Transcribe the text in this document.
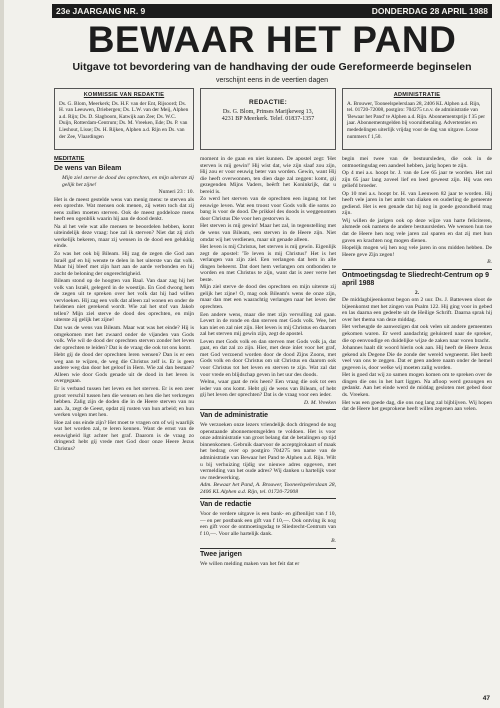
23e JAARGANG NR. 9	DONDERDAG 28 APRIL 1988
BEWAAR HET PAND
Uitgave tot bevordering van de handhaving der oude Gereformeerde beginselen
verschijnt eens in de veertien dagen
KOMMISSIE VAN REDAKTIE

Ds. G. Blom, Meerkerk; Ds. H.F. van der Ent, Rijsoord; Ds. H. van Leeuwen, Driebergen; Ds. L.W. van der Meij, Alphen a.d. Rijn; Ds. D. Slagboom, Katwijk aan Zee; Ds. W.C. Duijn, Rotterdam-Centrum; Ds. M. Vreeken, Ede; Ds. P. van Lieshout, Lisse; Ds. H. Rijken, Alphen a.d. Rijn en Ds. van der Zee, Vlaardingen

REDACTIE:

Ds. G. Blom, Prinses Marijkeweg 13,

4231 BP Meerkerk. Telef. 01837-1357

ADMINISTRATIE

A. Brouwer, Tooneelspelerslaan 28, 2406 KL Alphen a.d. Rijn, tel. 01720-72008, postgiro: 704275 t.n.v. de administratie van 'Bewaar het Pand' te Alphen a.d. Rijn. Abonnementsprijs f 35 per jaar. Abonnementsgelden bij vooruitbetaling. Advertenties en mededelingen uiterlijk vrijdag voor de dag van uitgave. Losse nummers f 1,50.

MEDITATIE
De wens van Bileam

Mijn ziel sterve de dood des oprechten, en mijn uiterste zij gelijk het zijne!

Numeri 23 : 10.

Het is de meest gestelde wens van menig mens: te sterven als een oprechte. Wat mensen ook menen, zij weten toch dat zij eens zullen moeten sterven. Ook de meest goddeloze mens heeft een ogenblik waarin hij aan de dood denkt.

Na al het vele wat alle mensen te beoordelen hebben, komt uiteindelijk deze vraag: hoe zal ik sterven? Niet dat zij zich werkelijk bekeren, maar zij wensen in de dood een gelukkig einde.

Zo was het ook bij Bileam. Hij zag de zegen die God aan Israël gaf en hij wenste te delen in het uiterste van dat volk. Maar hij bleef met zijn hart aan de aarde verbonden en hij zocht de beloning der ongerechtigheid.

Bileam stond op de hoogten van Baal. Van daar zag hij het volk van Israël, gelegerd in de woestijn. En God dwong hem de zegen uit te spreken over het volk dat hij had willen vervloeken. Hij zag een volk dat alleen zal wonen en onder de heidenen niet gerekend wordt. Wie zal het stof van Jakob tellen? Mijn ziel sterve de dood des oprechten, en mijn uiterste zij gelijk het zijne!

Dat was de wens van Bileam. Maar wat was het einde? Hij is omgekomen met het zwaard onder de vijanden van Gods volk. Wie wil de dood der oprechten sterven zonder het leven der oprechten te leiden? Dat is de vraag die ook tot ons komt.

Hebt gij de dood der oprechten leren wensen? Dan is er een weg aan te wijzen, de weg die Christus zelf is. Er is geen andere weg dan door het geloof in Hem. Wie zal dan bestaan? Alleen wie door Gods genade uit de dood in het leven is overgegaan.

Er is verband tussen het leven en het sterven. Er is een zeer groot verschil tussen hen die wensen en hen die het verkregen hebben. Zalig zijn de doden die in de Heere sterven van nu aan. Ja, zegt de Geest, opdat zij rusten van hun arbeid; en hun werken volgen met hen.

Hoe zal ons einde zijn? Het moet te vragen om of wij waarlijk wat het worden zal, te leren kennen. Want de ernst van de eeuwigheid ligt achter het graf. Daarom is de vraag zo dringend: hebt gij vrede met God door onze Heere Jezus Christus?

moment in de gaan en niet kunnen. De apostel zegt: 'Het sterven is mij gewin!' Hij wist dat, wie zijn slaaf zou zijn, Hij zou er voor eeuwig beter van worden. Gewin, want Hij die heeft overwonnen, ten dien dage zal zeggen: komt, gij gezegenden Mijns Vaders, beërft het Koninkrijk, dat u bereid is.

Zo werd het sterven van de oprechten een ingang tot het eeuwige leven. Wat een troost voor Gods volk die soms zo bang is voor de dood. De prikkel des doods is weggenomen door Christus Die voor hen gestorven is.

Het sterven is mij gewin! Maar het zal, in tegenstelling met de wens van Bileam, een sterven in de Heere zijn. Niet omdat wij het verdienen, maar uit genade alleen.

Het leven is mij Christus, het sterven is mij gewin. Eigenlijk zegt de apostel: 'Te leven is mij Christus!' Het is het verlangen van zijn ziel. Een verlangen dat hem in alle dingen beheerst. Dat doet hem verlangen om ontbonden te worden en met Christus te zijn, want dat is zeer verre het beste.

Mijn ziel sterve de dood des oprechten en mijn uiterste zij gelijk het zijne! O, mag ook Bileam's wens de onze zijn, maar dan met een waarachtig verlangen naar het leven der oprechten.

Een andere wens, maar die met zijn vervulling zal gaan. Levert in de ronde en dan sterven met Gods volk. Wee, het kan niet en zal niet zijn. Het leven is mij Christus en daarom zal het sterven mij gewin zijn, zegt de apostel.

Leven met Gods volk en dan sterven met Gods volk ja, dat gaat, en dat zal zo zijn. Hier, met deze inlet voor het graf, met God verzoend worden door de dood Zijns Zoons, met Gods volk en door Christus om uit Christus en daarom ook voor Christus tot het leven en sterven te zijn. Wat zal dat voor vrede en blijdschap geven in het uur des doods.

Welnu, waar gaat de reis heen? Een vraag die ook tot een ieder van ons komt. Hebt gij de wens van Bileam, of hebt gij het leven der oprechten? Dat is de vraag voor een ieder.

D. M. Vreeken
Van de administratie

We verzoeken onze lezers vriendelijk doch dringend de nog openstaande abonnementsgelden te voldoen. Het is voor onze administratie van groot belang dat de betalingen op tijd binnenkomen. Gebruik daarvoor de acceptgirokaart of maak het bedrag over op postgiro 704275 ten name van de administratie van Bewaar het Pand te Alphen a.d. Rijn. Wilt u bij verhuizing tijdig uw nieuwe adres opgeven, met vermelding van het oude adres? Wij danken u hartelijk voor uw medewerking.

Adm. Bewaar het Pand, A. Brouwer, Tooneelspelerslaan 28, 2406 KL Alphen a.d. Rijn, tel. 01720-72008

Van de redactie

Voor de verdere uitgave is een bank- en giftenlijst van f 10,— en per postbank een gift van f 10,—. Ook ontving ik nog een gift voor de ontmoetingsdag te Sliedrecht-Centrum van f 10,—. Voor alle hartelijk dank.

B.
Twee jarigen

We willen melding maken van het feit dat er

begin mei twee van de bestuursleden, die ook in de ontmoetingsdag een aandeel hebben, jarig hopen te zijn.

Op 4 mei a.s. hoopt br. J. van de Lee 65 jaar te worden. Het zal zijn 65 jaar lang zoveel lief en leed geweest zijn. Hij was een geliefd broeder.

Op 10 mei a.s. hoopt br. H. van Leeuwen 82 jaar te worden. Hij heeft vele jaren in het ambt van diaken en ouderling de gemeente gediend. Het is een genade dat hij nog in goede gezondheid mag zijn.

Wij willen de jarigen ook op deze wijze van harte feliciteren, alsmede ook namens de andere bestuursleden. We wensen hun toe dat de Heere hen nog vele jaren zal sparen en dat zij met hun gaven en krachten nog mogen dienen.

Hopelijk mogen wij hen nog vele jaren in ons midden hebben. De Heere geve Zijn zegen!

B.
Ontmoetingsdag te Sliedrecht-Centrum op 9 april 1988

2.

De middagbijeenkomst begon om 2 uur. Ds. J. Batteveen sloot de bijeenkomst met het zingen van Psalm 122. Hij ging voor in gebed en las daarna een gedeelte uit de Heilige Schrift. Daarna sprak hij over het thema van deze middag.

Het verheugde de aanwezigen dat ook velen uit andere gemeenten gekomen waren. Er werd aandachtig geluisterd naar de spreker, die op eenvoudige en duidelijke wijze de zaken naar voren bracht.

Johannes haalt dit woord hierin ook aan. Hij heeft de Heere Jezus gekend als Degene Die de zonde der wereld wegneemt. Het heeft veel van ons te zeggen. Dat er geen andere naam onder de hemel gegeven is, door welke wij moeten zalig worden.

Het is goed dat wij zo samen mogen komen om te spreken over de dingen die ons in het hart liggen. Na afloop werd gezongen en gedankt. Aan het einde werd de middag gesloten met gebed door ds. Vreeken.

Het was een goede dag, die ons nog lang zal bijblijven. Wij hopen dat de Heere het gesprokene heeft willen zegenen aan velen.

47
